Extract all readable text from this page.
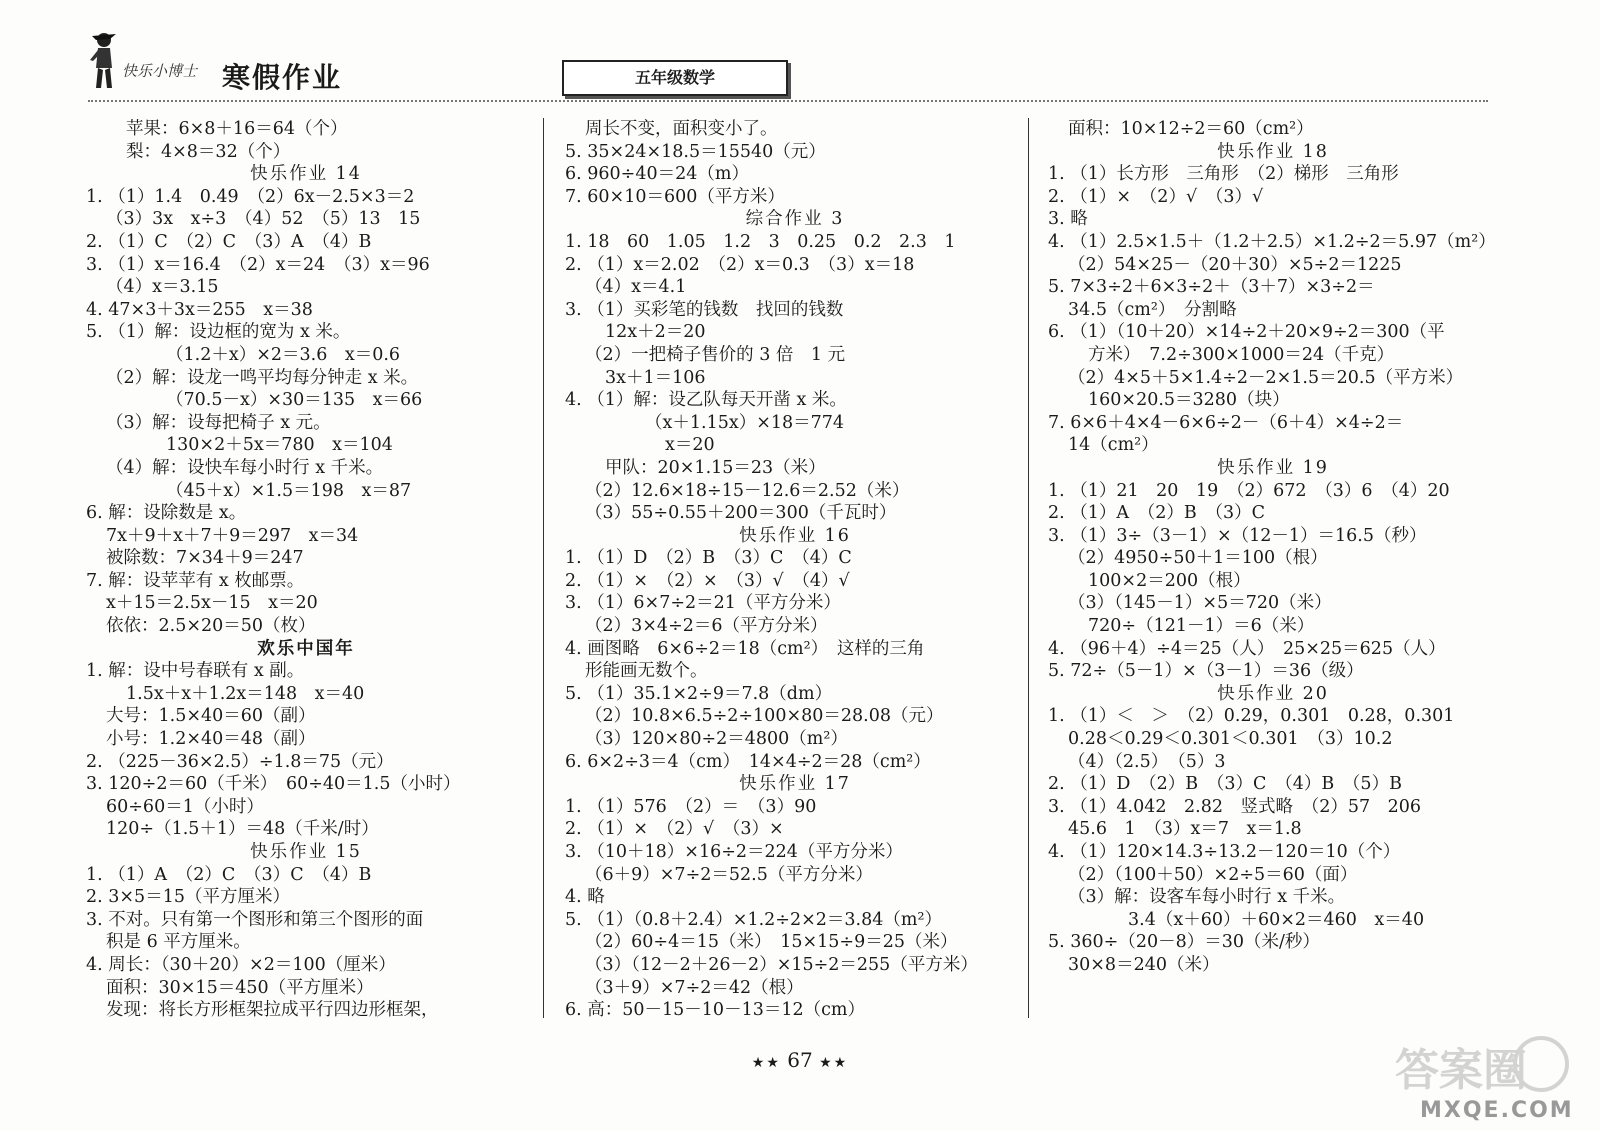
快乐小博士 寒假作业	五年级数学
苹果：6×8＋16＝64（个）
梨：4×8＝32（个）
快乐作业 14
1. （1）1.4　0.49　（2）6x－2.5×3＝2
（3）3x　x÷3　（4）52　（5）13　15
2. （1）C　（2）C　（3）A　（4）B
3. （1）x＝16.4　（2）x＝24　（3）x＝96
（4）x＝3.15
4. 47×3＋3x＝255　x＝38
5. （1）解：设边框的宽为 x 米。
（1.2＋x）×2＝3.6　x＝0.6
（2）解：设龙一鸣平均每分钟走 x 米。
（70.5－x）×30＝135　x＝66
（3）解：设每把椅子 x 元。
130×2＋5x＝780　x＝104
（4）解：设快车每小时行 x 千米。
（45＋x）×1.5＝198　x＝87
6. 解：设除数是 x。
7x＋9＋x＋7＋9＝297　x＝34
被除数：7×34＋9＝247
7. 解：设苹苹有 x 枚邮票。
x＋15＝2.5x－15　x＝20
依依：2.5×20＝50（枚）
欢乐中国年
1. 解：设中号春联有 x 副。
1.5x＋x＋1.2x＝148　x＝40
大号：1.5×40＝60（副）
小号：1.2×40＝48（副）
2. （225－36×2.5）÷1.8＝75（元）
3. 120÷2＝60（千米）　60÷40＝1.5（小时）
60÷60＝1（小时）
120÷（1.5＋1）＝48（千米/时）
快乐作业 15
1. （1）A　（2）C　（3）C　（4）B
2. 3×5＝15（平方厘米）
3. 不对。只有第一个图形和第三个图形的面
积是 6 平方厘米。
4. 周长：（30＋20）×2＝100（厘米）
面积：30×15＝450（平方厘米）
发现：将长方形框架拉成平行四边形框架，
周长不变，面积变小了。
5. 35×24×18.5＝15540（元）
6. 960÷40＝24（m）
7. 60×10＝600（平方米）
综合作业 3
1. 18　60　1.05　1.2　3　0.25　0.2　2.3　1
2. （1）x＝2.02　（2）x＝0.3　（3）x＝18
（4）x＝4.1
3. （1）买彩笔的钱数　找回的钱数
12x＋2＝20
（2）一把椅子售价的 3 倍　1 元
3x＋1＝106
4. （1）解：设乙队每天开凿 x 米。
（x＋1.15x）×18＝774
x＝20
甲队：20×1.15＝23（米）
（2）12.6×18÷15－12.6＝2.52（米）
（3）55÷0.55＋200＝300（千瓦时）
快乐作业 16
1. （1）D　（2）B　（3）C　（4）C
2. （1）×　（2）×　（3）√　（4）√
3. （1）6×7÷2＝21（平方分米）
（2）3×4÷2＝6（平方分米）
4. 画图略　6×6÷2＝18（cm²）　这样的三角
形能画无数个。
5. （1）35.1×2÷9＝7.8（dm）
（2）10.8×6.5÷2÷100×80＝28.08（元）
（3）120×80÷2＝4800（m²）
6. 6×2÷3＝4（cm）　14×4÷2＝28（cm²）
快乐作业 17
1. （1）576　（2）＝　（3）90
2. （1）×　（2）√　（3）×
3. （10＋18）×16÷2＝224（平方分米）
（6＋9）×7÷2＝52.5（平方分米）
4. 略
5. （1）（0.8＋2.4）×1.2÷2×2＝3.84（m²）
（2）60÷4＝15（米）　15×15÷9＝25（米）
（3）（12－2＋26－2）×15÷2＝255（平方米）
（3＋9）×7÷2＝42（根）
6. 高：50－15－10－13＝12（cm）
面积：10×12÷2＝60（cm²）
快乐作业 18
1. （1）长方形　三角形　（2）梯形　三角形
2. （1）×　（2）√　（3）√
3. 略
4. （1）2.5×1.5＋（1.2＋2.5）×1.2÷2＝5.97（m²）
（2）54×25－（20＋30）×5÷2＝1225
5. 7×3÷2＋6×3÷2＋（3＋7）×3÷2＝
34.5（cm²）　分割略
6. （1）（10＋20）×14÷2＋20×9÷2＝300（平
方米）　7.2÷300×1000＝24（千克）
（2）4×5＋5×1.4÷2－2×1.5＝20.5（平方米）
160×20.5＝3280（块）
7. 6×6＋4×4－6×6÷2－（6＋4）×4÷2＝
14（cm²）
快乐作业 19
1. （1）21　20　19　（2）672　（3）6　（4）20
2. （1）A　（2）B　（3）C
3. （1）3÷（3－1）×（12－1）＝16.5（秒）
（2）4950÷50＋1＝100（根）
100×2＝200（根）
（3）（145－1）×5＝720（米）
720÷（121－1）＝6（米）
4. （96＋4）÷4＝25（人）　25×25＝625（人）
5. 72÷（5－1）×（3－1）＝36（级）
快乐作业 20
1. （1）＜　＞　（2）0.29，0.301　0.28，0.301
0.28＜0.29＜0.301＜0.301　（3）10.2
（4）（2.5）　（5）3
2. （1）D　（2）B　（3）C　（4）B　（5）B
3. （1）4.042　2.82　竖式略　（2）57　206
45.6　1　（3）x＝7　x＝1.8
4. （1）120×14.3÷13.2－120＝10（个）
（2）（100＋50）×2÷5＝60（面）
（3）解：设客车每小时行 x 千米。
3.4（x＋60）＋60×2＝460　x＝40
5. 360÷（20－8）＝30（米/秒）
30×8＝240（米）
★★ 67 ★★	答案圈
MXQE.COM
